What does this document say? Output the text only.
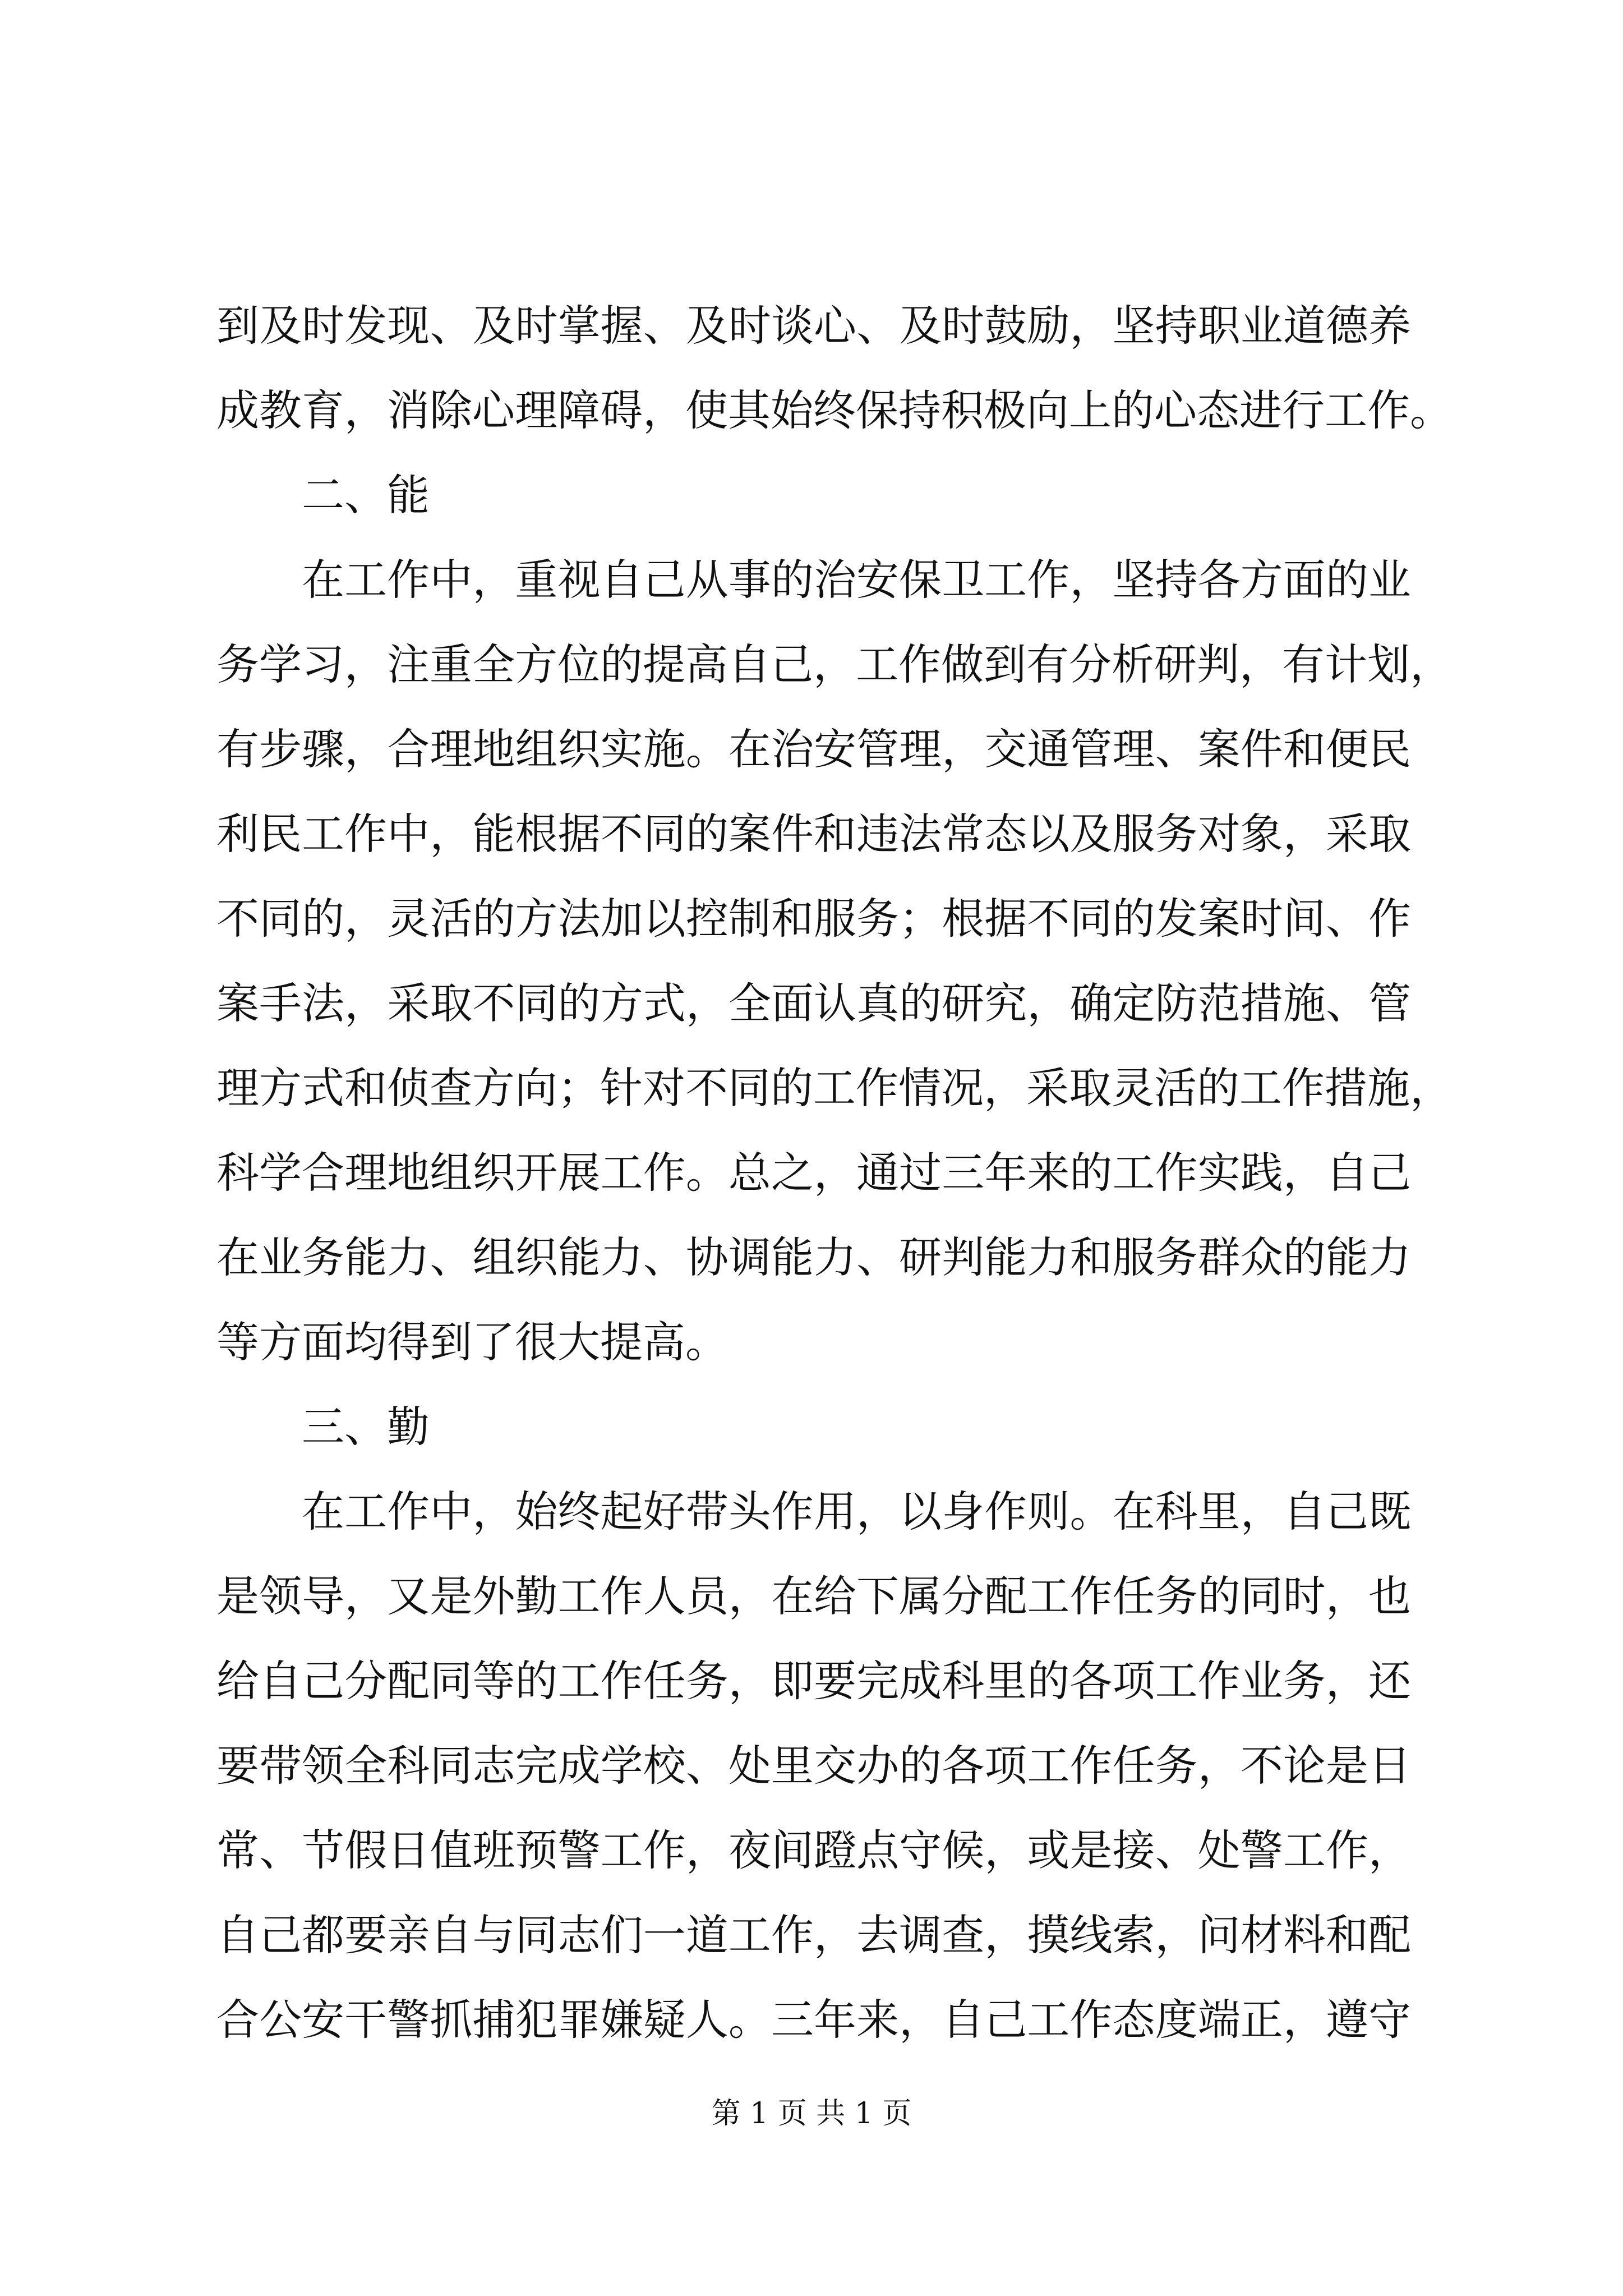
到及时发现、及时掌握、及时谈心、及时鼓励，坚持职业道德养
成教育，消除心理障碍，使其始终保持积极向上的心态进行工作。
二、能
在工作中，重视自己从事的治安保卫工作，坚持各方面的业
务学习，注重全方位的提高自己，工作做到有分析研判，有计划，
有步骤，合理地组织实施。在治安管理，交通管理、案件和便民
利民工作中，能根据不同的案件和违法常态以及服务对象，采取
不同的，灵活的方法加以控制和服务；根据不同的发案时间、作
案手法，采取不同的方式，全面认真的研究，确定防范措施、管
理方式和侦查方向；针对不同的工作情况，采取灵活的工作措施，
科学合理地组织开展工作。总之，通过三年来的工作实践，自己
在业务能力、组织能力、协调能力、研判能力和服务群众的能力
等方面均得到了很大提高。
三、勤
在工作中，始终起好带头作用，以身作则。在科里，自己既
是领导，又是外勤工作人员，在给下属分配工作任务的同时，也
给自己分配同等的工作任务，即要完成科里的各项工作业务，还
要带领全科同志完成学校、处里交办的各项工作任务，不论是日
常、节假日值班预警工作，夜间蹬点守候，或是接、处警工作，
自己都要亲自与同志们一道工作，去调查，摸线索，问材料和配
合公安干警抓捕犯罪嫌疑人。三年来，自己工作态度端正，遵守
第 1 页 共 1 页
